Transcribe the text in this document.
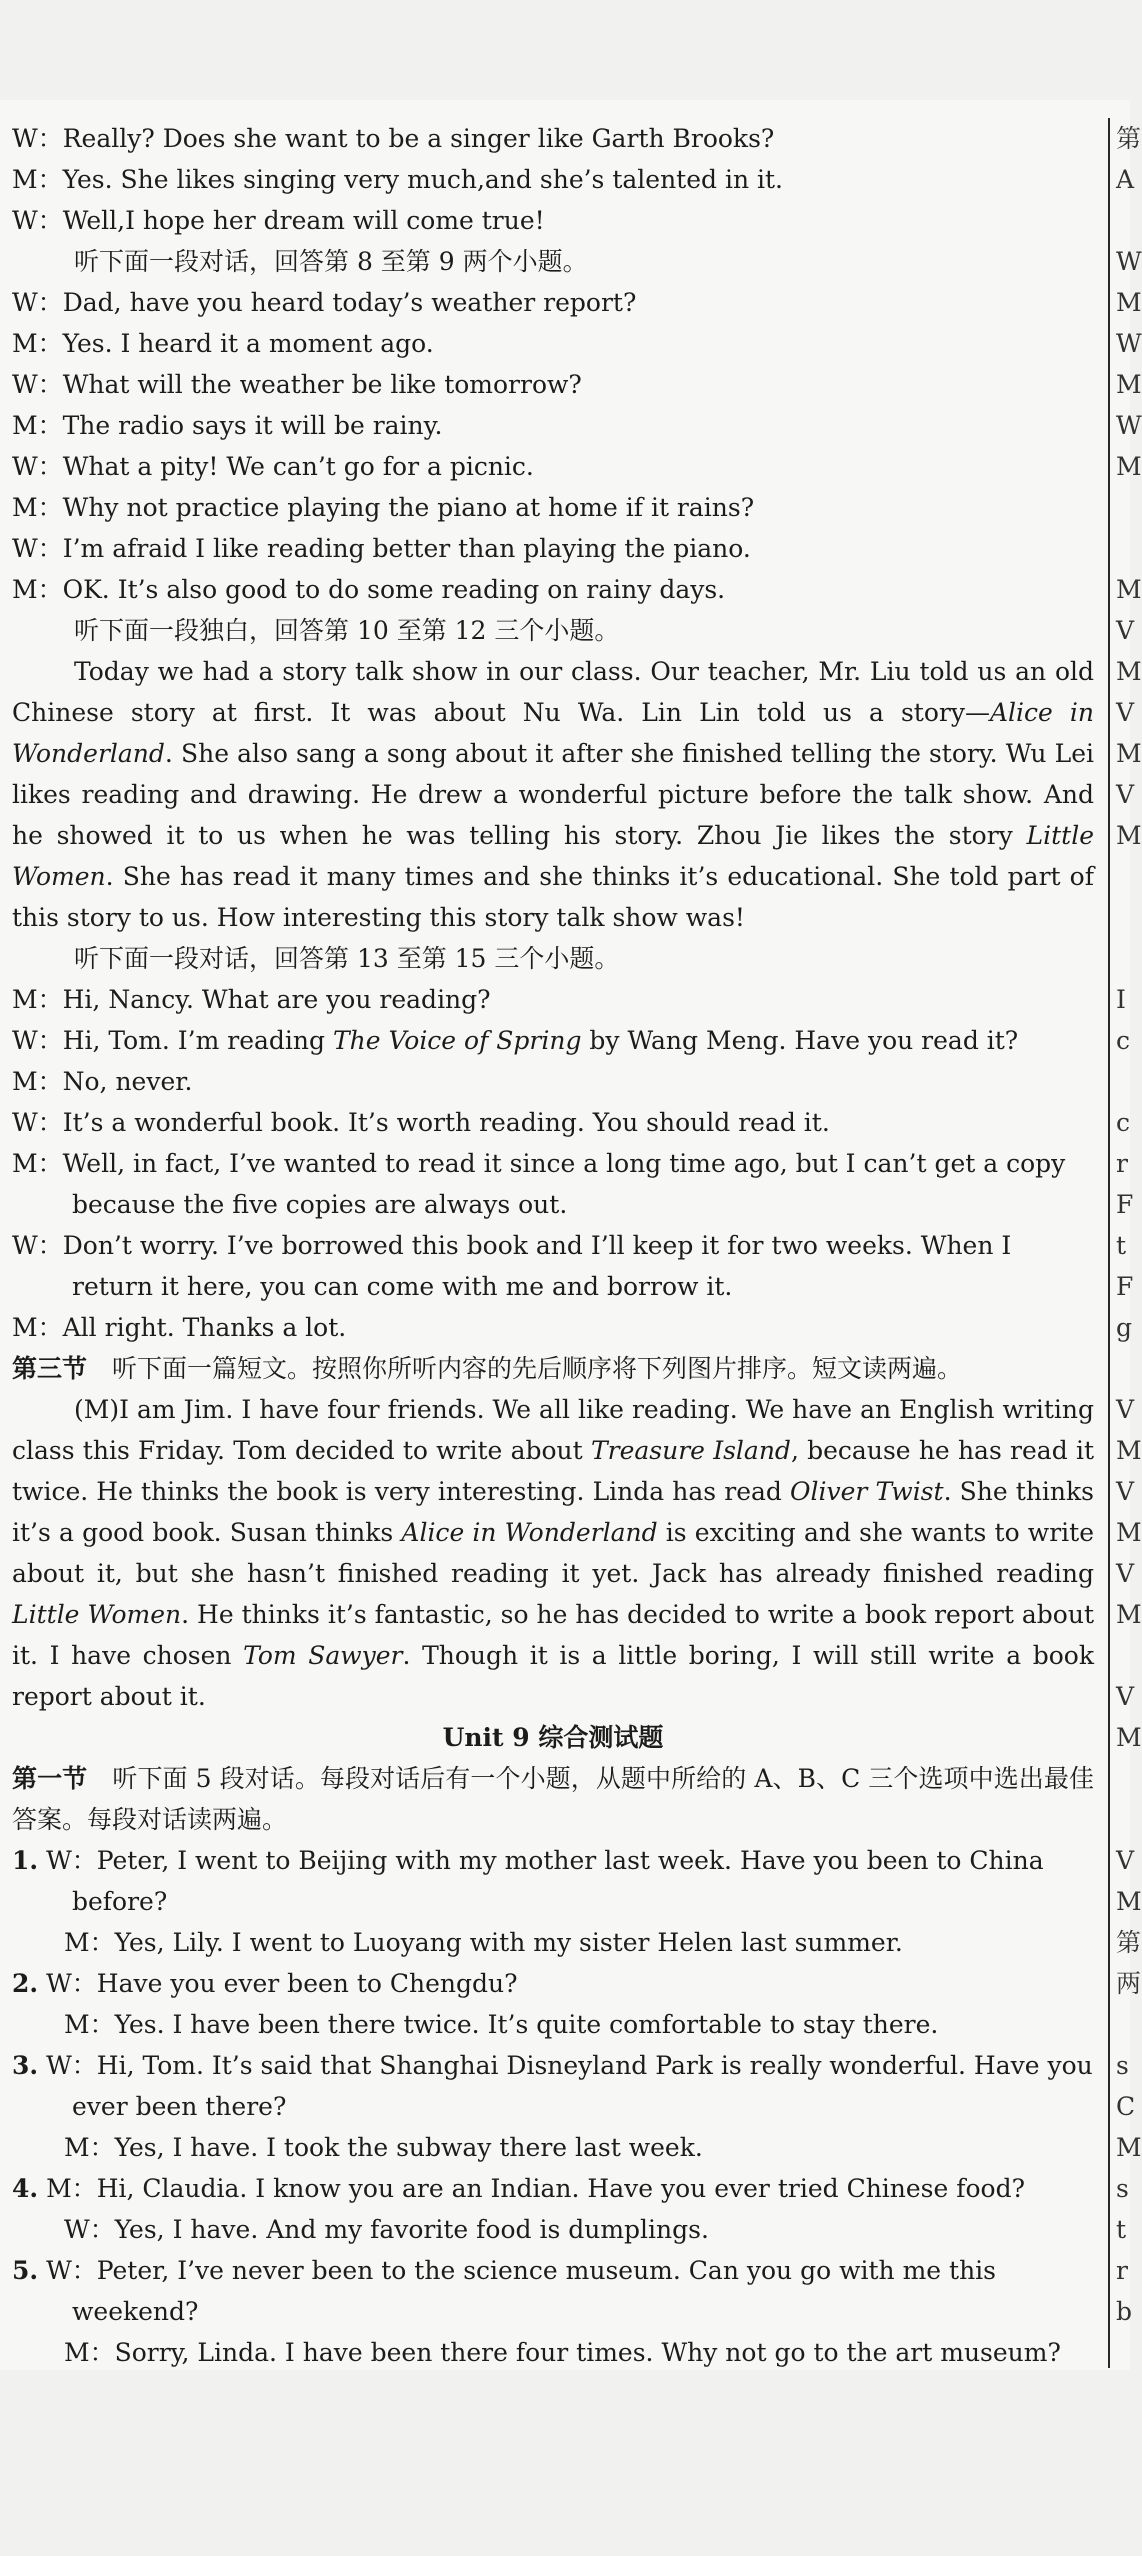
W：Really? Does she want to be a singer like Garth Brooks?

M：Yes. She likes singing very much,and she’s talented in it.

W：Well,I hope her dream will come true!

听下面一段对话，回答第 8 至第 9 两个小题。

W：Dad, have you heard today’s weather report?

M：Yes. I heard it a moment ago.

W：What will the weather be like tomorrow?

M：The radio says it will be rainy.

W：What a pity! We can’t go for a picnic.

M：Why not practice playing the piano at home if it rains?

W：I’m afraid I like reading better than playing the piano.

M：OK. It’s also good to do some reading on rainy days.

听下面一段独白，回答第 10 至第 12 三个小题。

Today we had a story talk show in our class. Our teacher, Mr. Liu told us an old Chinese story at first. It was about Nu Wa. Lin Lin told us a story—Alice in Wonderland. She also sang a song about it after she finished telling the story. Wu Lei likes reading and drawing. He drew a wonderful picture before the talk show. And he showed it to us when he was telling his story. Zhou Jie likes the story Little Women. She has read it many times and she thinks it’s educational. She told part of this story to us. How interesting this story talk show was!

听下面一段对话，回答第 13 至第 15 三个小题。

M：Hi, Nancy. What are you reading?

W：Hi, Tom. I’m reading The Voice of Spring by Wang Meng. Have you read it?

M：No, never.

W：It’s a wonderful book. It’s worth reading. You should read it.

M：Well, in fact, I’ve wanted to read it since a long time ago, but I can’t get a copy because the five copies are always out.

W：Don’t worry. I’ve borrowed this book and I’ll keep it for two weeks. When I return it here, you can come with me and borrow it.

M：All right. Thanks a lot.

第三节　 听下面一篇短文。按照你所听内容的先后顺序将下列图片排序。短文读两遍。

(M)I am Jim. I have four friends. We all like reading. We have an English writing class this Friday. Tom decided to write about Treasure Island, because he has read it twice. He thinks the book is very interesting. Linda has read Oliver Twist. She thinks it’s a good book. Susan thinks Alice in Wonderland is exciting and she wants to write about it, but she hasn’t finished reading it yet. Jack has already finished reading Little Women. He thinks it’s fantastic, so he has decided to write a book report about it. I have chosen Tom Sawyer. Though it is a little boring, I will still write a book report about it.

Unit 9 综合测试题

第一节　 听下面 5 段对话。每段对话后有一个小题，从题中所给的 A、B、C 三个选项中选出最佳答案。每段对话读两遍。

1. W：Peter, I went to Beijing with my mother last week. Have you been to China before?

M：Yes, Lily. I went to Luoyang with my sister Helen last summer.

2. W：Have you ever been to Chengdu?

M：Yes. I have been there twice. It’s quite comfortable to stay there.

3. W：Hi, Tom. It’s said that Shanghai Disneyland Park is really wonderful. Have you ever been there?

M：Yes, I have. I took the subway there last week.

4. M：Hi, Claudia. I know you are an Indian. Have you ever tried Chinese food?

W：Yes, I have. And my favorite food is dumplings.

5. W：Peter, I’ve never been to the science museum. Can you go with me this weekend?

M：Sorry, Linda. I have been there four times. Why not go to the art museum?

第
A

W
M
W
M
W
M

M
V
M
V
M
V
M

I
c

c
r
F
t
F
g

V
M
V
M
V
M

V
M

V
M
第
两

s
C
M
s
t
r
b
